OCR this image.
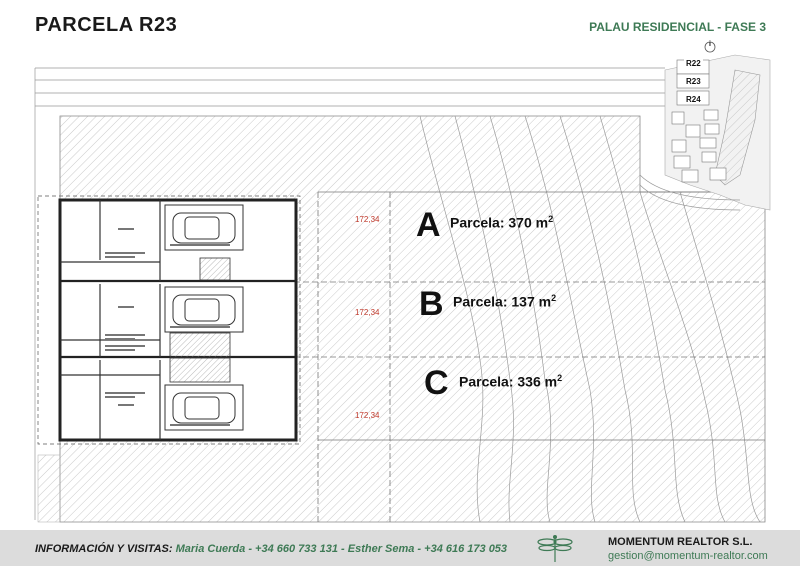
PARCELA R23	PALAU RESIDENCIAL - FASE 3
R22
R23
R24
i
A Parcela: 370 $m^2$
172,34
B Parcela: 137 $m^2$
172,34
C Parcela: 336 $m^2$
172,34
INFORMACIÓN Y VISITAS: Maria Cuerda - +34 660 733 131 - Esther Sema - +34 616 173 053
MOMENTUM REALTOR S.L.
gestion@momentum-realtor.com
